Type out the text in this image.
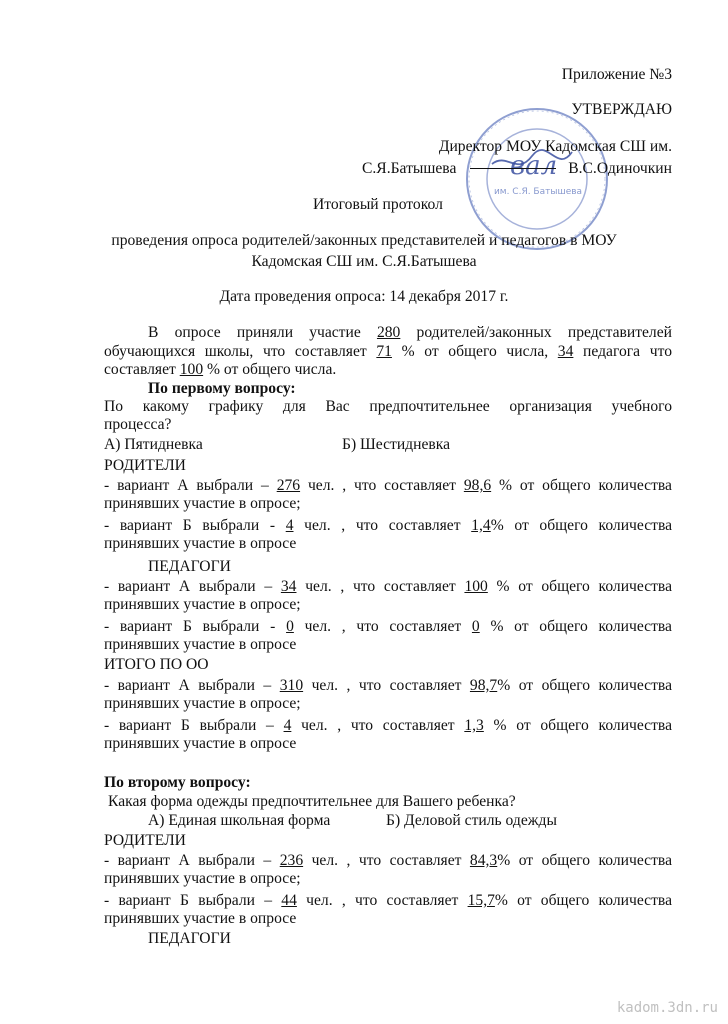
им. С.Я. Батышева
вал
Приложение №3
УТВЕРЖДАЮ
Директор МОУ Кадомская СШ им.
С.Я.Батышева	В.С.Одиночкин
Итоговый протокол
проведения опроса родителей/законных представителей и педагогов в МОУ
Кадомская СШ им. С.Я.Батышева
Дата проведения опроса: 14 декабря 2017 г.
В опросе приняли участие 280 родителей/законных представителей
обучающихся школы, что составляет 71 % от общего числа, 34 педагога что
составляет 100 % от общего числа.
По первому вопросу:
По какому графику для Вас предпочтительнее организация учебного
процесса?
А) Пятидневка	Б) Шестидневка
РОДИТЕЛИ
- вариант А выбрали – 276 чел. , что составляет 98,6 % от общего количества
принявших участие в опросе;
- вариант Б выбрали - 4 чел. , что составляет 1,4% от общего количества
принявших участие в опросе
ПЕДАГОГИ
- вариант А выбрали – 34 чел. , что составляет 100 % от общего количества
принявших участие в опросе;
- вариант Б выбрали - 0 чел. , что составляет 0 % от общего количества
принявших участие в опросе
ИТОГО ПО ОО
- вариант А выбрали – 310 чел. , что составляет 98,7% от общего количества
принявших участие в опросе;
- вариант Б выбрали – 4 чел. , что составляет 1,3 % от общего количества
принявших участие в опросе
По второму вопросу:
Какая форма одежды предпочтительнее для Вашего ребенка?
А) Единая школьная форма	Б) Деловой стиль одежды
РОДИТЕЛИ
- вариант А выбрали – 236 чел. , что составляет 84,3% от общего количества
принявших участие в опросе;
- вариант Б выбрали – 44 чел. , что составляет 15,7% от общего количества
принявших участие в опросе
ПЕДАГОГИ
kadom.3dn.ru
